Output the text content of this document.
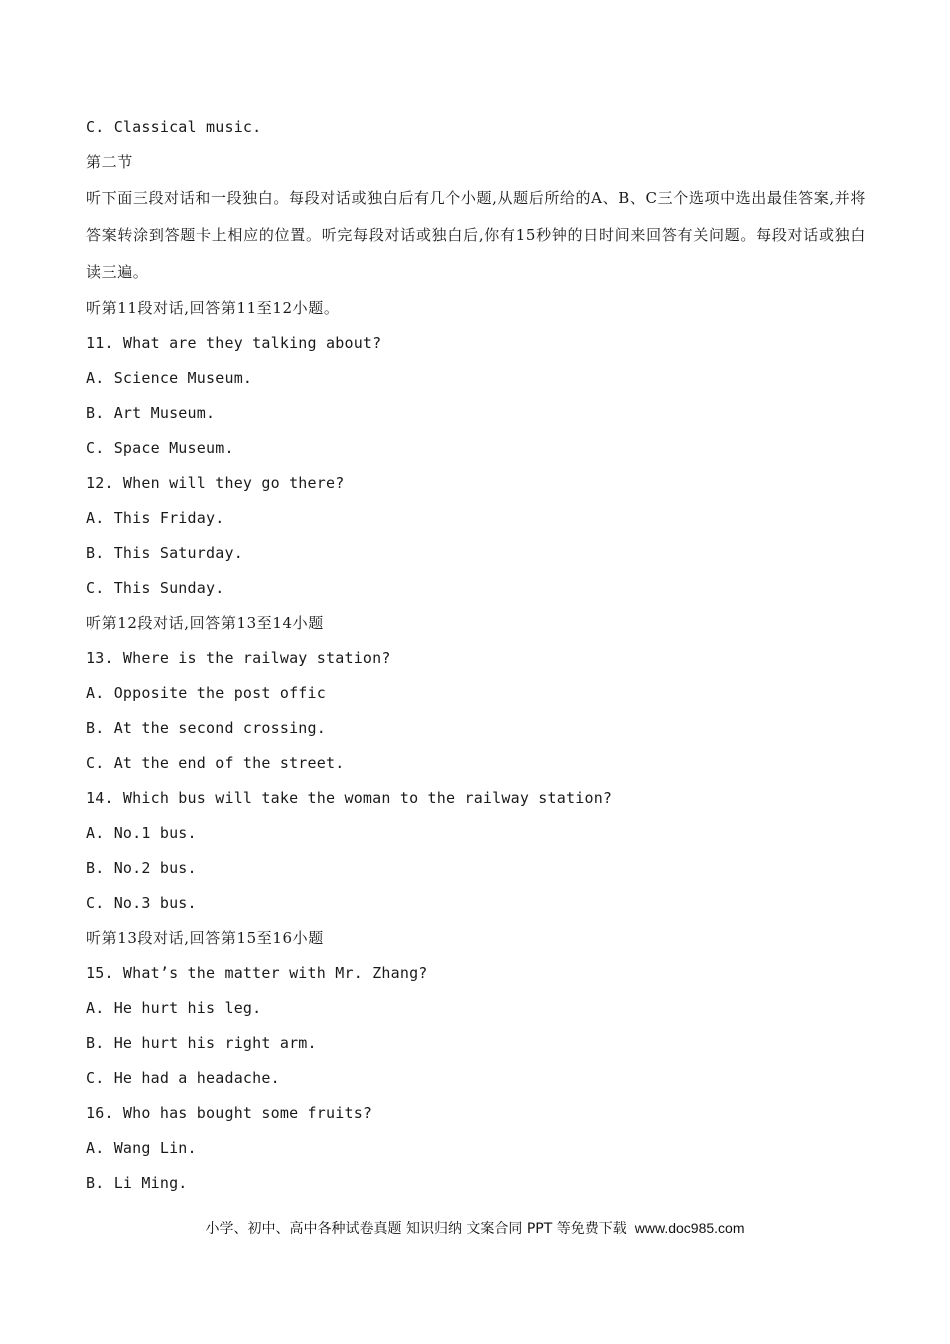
C. Classical music.
第二节
听下面三段对话和一段独白。每段对话或独白后有几个小题,从题后所给的A、B、C三个选项中选出最佳答案,并将答案转涂到答题卡上相应的位置。听完每段对话或独白后,你有15秒钟的日时间来回答有关问题。每段对话或独白读三遍。
听第11段对话,回答第11至12小题。
11. What are they talking about?
A. Science Museum.
B. Art Museum.
C. Space Museum.
12. When will they go there?
A. This Friday.
B. This Saturday.
C. This Sunday.
听第12段对话,回答第13至14小题
13. Where is the railway station?
A. Opposite the post offic
B. At the second crossing.
C. At the end of the street.
14. Which bus will take the woman to the railway station?
A. No.1 bus.
B. No.2 bus.
C. No.3 bus.
听第13段对话,回答第15至16小题
15. What’s the matter with Mr. Zhang?
A. He hurt his leg.
B. He hurt his right arm.
C. He had a headache.
16. Who has bought some fruits?
A. Wang Lin.
B. Li Ming.
小学、初中、高中各种试卷真题 知识归纳 文案合同 PPT 等免费下载 www.doc985.com
